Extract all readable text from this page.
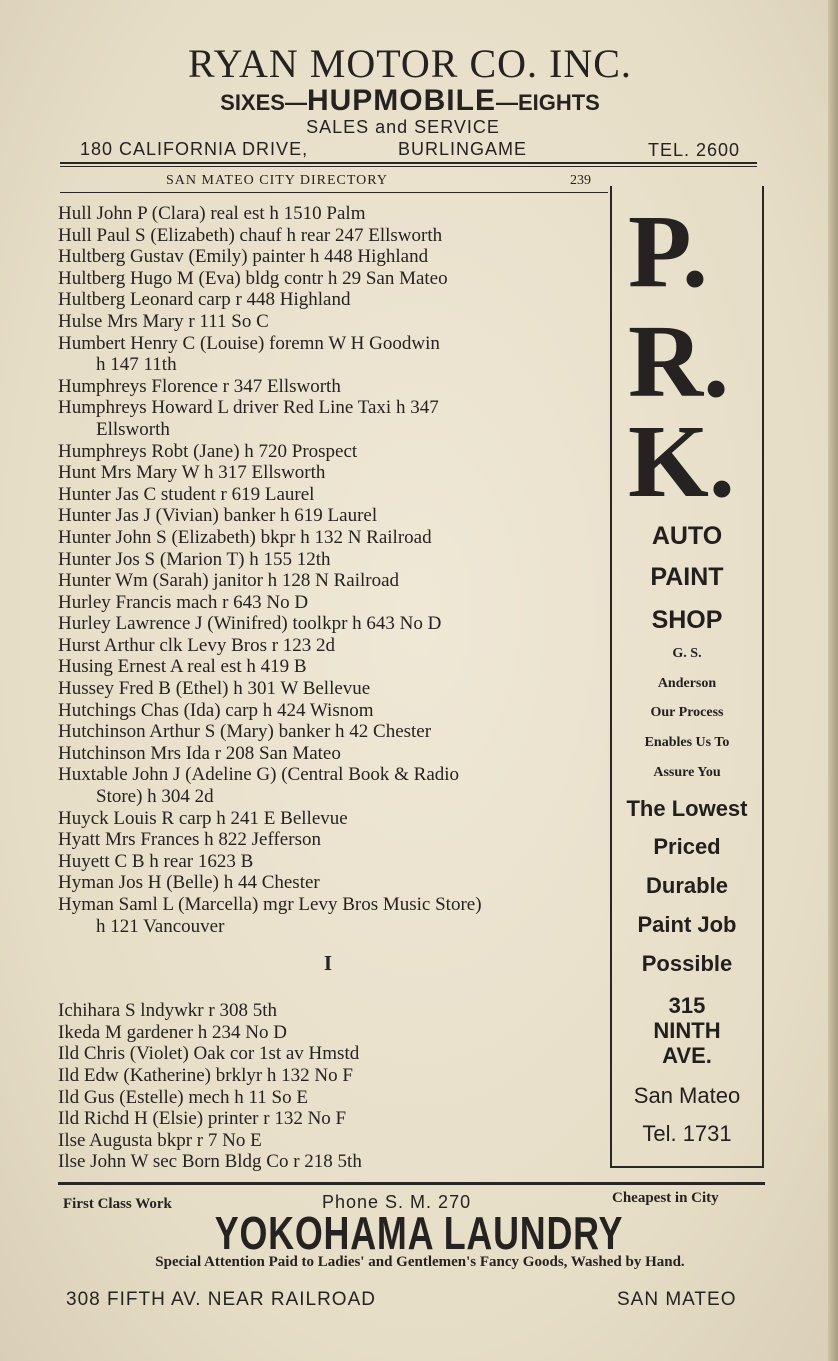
RYAN MOTOR CO. INC.
SIXES—HUPMOBILE—EIGHTS
SALES and SERVICE
180 CALIFORNIA DRIVE,	BURLINGAME	TEL. 2600
SAN MATEO CITY DIRECTORY	239
Hull John P (Clara) real est h 1510 Palm
Hull Paul S (Elizabeth) chauf h rear 247 Ellsworth
Hultberg Gustav (Emily) painter h 448 Highland
Hultberg Hugo M (Eva) bldg contr h 29 San Mateo
Hultberg Leonard carp r 448 Highland
Hulse Mrs Mary r 111 So C
Humbert Henry C (Louise) foremn W H Goodwin
h 147 11th
Humphreys Florence r 347 Ellsworth
Humphreys Howard L driver Red Line Taxi h 347
Ellsworth
Humphreys Robt (Jane) h 720 Prospect
Hunt Mrs Mary W h 317 Ellsworth
Hunter Jas C student r 619 Laurel
Hunter Jas J (Vivian) banker h 619 Laurel
Hunter John S (Elizabeth) bkpr h 132 N Railroad
Hunter Jos S (Marion T) h 155 12th
Hunter Wm (Sarah) janitor h 128 N Railroad
Hurley Francis mach r 643 No D
Hurley Lawrence J (Winifred) toolkpr h 643 No D
Hurst Arthur clk Levy Bros r 123 2d
Husing Ernest A real est h 419 B
Hussey Fred B (Ethel) h 301 W Bellevue
Hutchings Chas (Ida) carp h 424 Wisnom
Hutchinson Arthur S (Mary) banker h 42 Chester
Hutchinson Mrs Ida r 208 San Mateo
Huxtable John J (Adeline G) (Central Book & Radio
Store) h 304 2d
Huyck Louis R carp h 241 E Bellevue
Hyatt Mrs Frances h 822 Jefferson
Huyett C B h rear 1623 B
Hyman Jos H (Belle) h 44 Chester
Hyman Saml L (Marcella) mgr Levy Bros Music Store)
h 121 Vancouver
I
Ichihara S lndywkr r 308 5th
Ikeda M gardener h 234 No D
Ild Chris (Violet) Oak cor 1st av Hmstd
Ild Edw (Katherine) brklyr h 132 No F
Ild Gus (Estelle) mech h 11 So E
Ild Richd H (Elsie) printer r 132 No F
Ilse Augusta bkpr r 7 No E
Ilse John W sec Born Bldg Co r 218 5th
P.
R.
K.
AUTO
PAINT
SHOP
G. S.
Anderson
Our Process
Enables Us To
Assure You
The Lowest
Priced
Durable
Paint Job
Possible
315
NINTH
AVE.
San Mateo
Tel. 1731
First Class Work	Phone S. M. 270	Cheapest in City
YOKOHAMA LAUNDRY
Special Attention Paid to Ladies' and Gentlemen's Fancy Goods, Washed by Hand.
308 FIFTH AV. NEAR RAILROAD	SAN MATEO
